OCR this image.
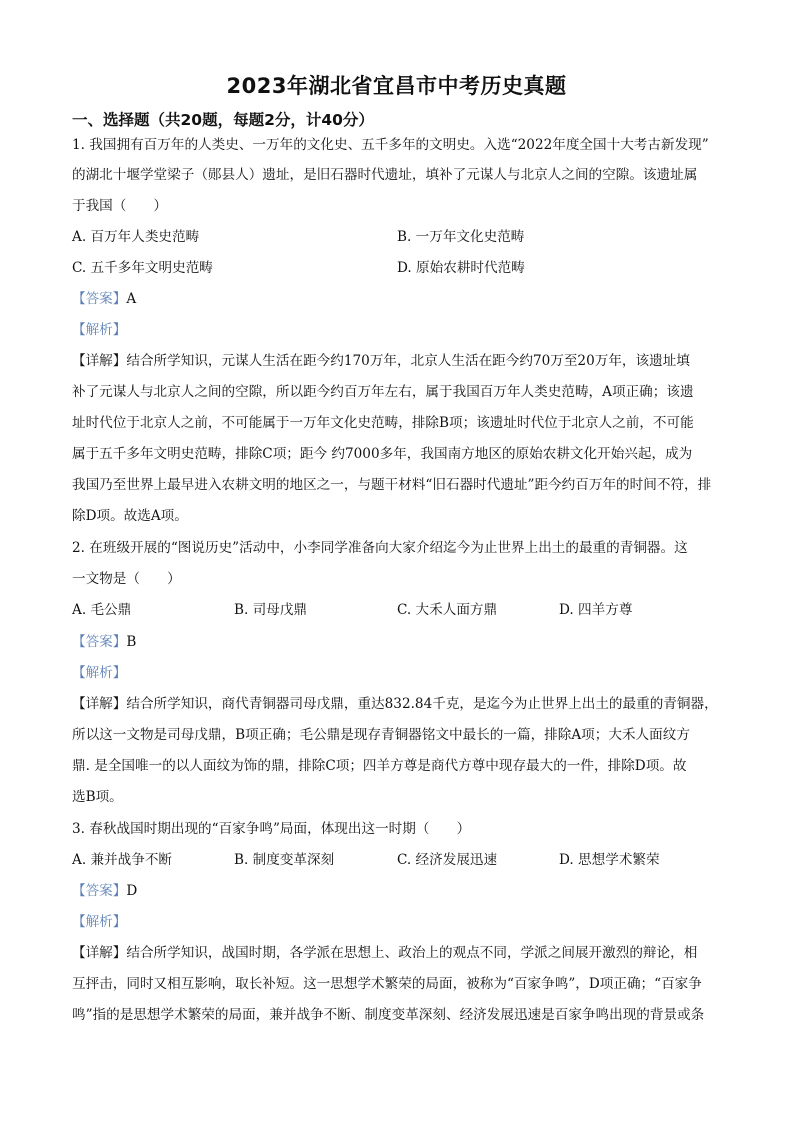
2023年湖北省宜昌市中考历史真题
一、选择题（共20题，每题2分，计40分）
1. 我国拥有百万年的人类史、一万年的文化史、五千多年的文明史。入选“2022年度全国十大考古新发现”
的湖北十堰学堂梁子（郧县人）遗址，是旧石器时代遗址，填补了元谋人与北京人之间的空隙。该遗址属
于我国（　　）
A. 百万年人类史范畴	B. 一万年文化史范畴
C. 五千多年文明史范畴	D. 原始农耕时代范畴
【答案】A
【解析】
【详解】结合所学知识，元谋人生活在距今约170万年，北京人生活在距今约70万至20万年，该遗址填
补了元谋人与北京人之间的空隙，所以距今约百万年左右，属于我国百万年人类史范畴，A项正确；该遗
址时代位于北京人之前，不可能属于一万年文化史范畴，排除B项；该遗址时代位于北京人之前，不可能
属于五千多年文明史范畴，排除C项；距今 约7000多年，我国南方地区的原始农耕文化开始兴起，成为
我国乃至世界上最早进入农耕文明的地区之一，与题干材料“旧石器时代遗址”距今约百万年的时间不符，排
除D项。故选A项。
2. 在班级开展的“图说历史”活动中，小李同学准备向大家介绍迄今为止世界上出土的最重的青铜器。这
一文物是（　　）
A. 毛公鼎	B. 司母戊鼎	C. 大禾人面方鼎	D. 四羊方尊
【答案】B
【解析】
【详解】结合所学知识，商代青铜器司母戊鼎，重达832.84千克，是迄今为止世界上出土的最重的青铜器，
所以这一文物是司母戊鼎，B项正确；毛公鼎是现存青铜器铭文中最长的一篇，排除A项；大禾人面纹方
鼎. 是全国唯一的以人面纹为饰的鼎，排除C项；四羊方尊是商代方尊中现存最大的一件，排除D项。故
选B项。
3. 春秋战国时期出现的“百家争鸣”局面，体现出这一时期（　　）
A. 兼并战争不断	B. 制度变革深刻	C. 经济发展迅速	D. 思想学术繁荣
【答案】D
【解析】
【详解】结合所学知识，战国时期，各学派在思想上、政治上的观点不同，学派之间展开激烈的辩论，相
互抨击，同时又相互影响，取长补短。这一思想学术繁荣的局面，被称为“百家争鸣”，D项正确；“百家争
鸣”指的是思想学术繁荣的局面，兼并战争不断、制度变革深刻、经济发展迅速是百家争鸣出现的背景或条
